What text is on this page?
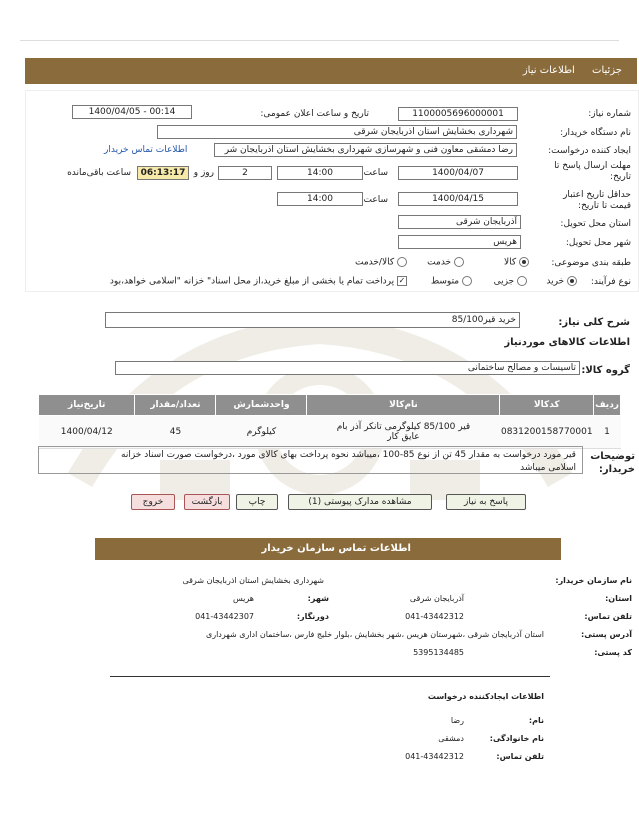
جزئیات اطلاعات نیاز
شماره نیاز:
1100005696000001
تاریخ و ساعت اعلان عمومی:
00:14 - 1400/04/05
نام دستگاه خریدار:
شهرداری بخشایش استان اذربایجان شرقی
ایجاد کننده درخواست:
رضا دمشقی معاون فنی و شهرسازی شهرداری بخشایش استان اذربایجان شر
اطلاعات تماس خریدار
مهلت ارسال پاسخ تا
تاریخ:
1400/04/07
ساعت
14:00
2
روز و
06:13:17
ساعت باقی‌مانده
حداقل تاریخ اعتبار
قیمت تا تاریخ:
1400/04/15
ساعت
14:00
استان محل تحویل:
آذربایجان شرقی
شهر محل تحویل:
هریس
طبقه بندی موضوعی:
کالا
خدمت
کالا/خدمت
نوع فرآیند:
خرید
جزیی
متوسط
✓ پرداخت تمام یا بخشی از مبلغ خرید،از محل اسناد" خزانه "اسلامی خواهد،بود
شرح کلی نیاز:
خرید قیر85/100
اطلاعات کالاهای موردنیاز
گروه کالا:
تاسیسات و مصالح ساختمانی
ردیف	کدکالا	نام‌کالا	واحدشمارش	تعداد/مقدار	تاریخ‌نیاز
1	0831200158770001	قیر 85/100 کیلوگرمی تانکر آذر بام
عایق کار	کیلوگرم	45	1400/04/12
توضیحات
خریدار:
قیر مورد درخواست به مقدار 45 تن از نوع 85-100 ،میباشد نحوه پرداخت بهای کالای مورد ،درخواست صورت اسناد خزانه
اسلامی میباشد
پاسخ به نیاز
مشاهده مدارک پیوستی (1)
چاپ
بازگشت
خروج
اطلاعات تماس سازمان خریدار
نام سازمان خریدار:
شهرداری بخشایش استان اذربایجان شرقی
استان:
آذربایجان شرقی
شهر:
هریس
تلفن تماس:
041-43442312
دورنگار:
041-43442307
آدرس پستی:
استان آذربایجان شرقی ،شهرستان هریس ،شهر بخشایش ،بلوار خلیج فارس ،ساختمان اداری شهرداری
کد پستی:
5395134485
اطلاعات ایجادکننده درخواست
نام:
رضا
نام خانوادگی:
دمشقی
تلفن تماس:
041-43442312
